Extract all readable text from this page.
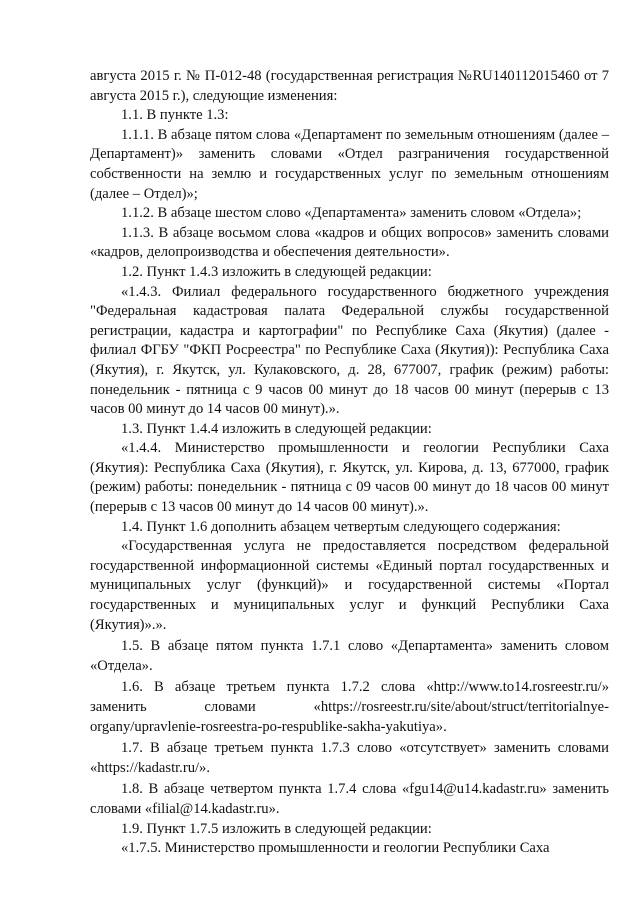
августа 2015 г. № П-012-48 (государственная регистрация №RU140112015460 от 7 августа 2015 г.), следующие изменения:

1.1. В пункте 1.3:

1.1.1. В абзаце пятом слова «Департамент по земельным отношениям (далее – Департамент)» заменить словами «Отдел разграничения государственной собственности на землю и государственных услуг по земельным отношениям (далее – Отдел)»;

1.1.2. В абзаце шестом слово «Департамента» заменить словом «Отдела»;

1.1.3. В абзаце восьмом слова «кадров и общих вопросов» заменить словами «кадров, делопроизводства и обеспечения деятельности».

1.2. Пункт 1.4.3 изложить в следующей редакции:

«1.4.3. Филиал федерального государственного бюджетного учреждения "Федеральная кадастровая палата Федеральной службы государственной регистрации, кадастра и картографии" по Республике Саха (Якутия) (далее - филиал ФГБУ "ФКП Росреестра" по Республике Саха (Якутия)): Республика Саха (Якутия), г. Якутск, ул. Кулаковского, д. 28, 677007, график (режим) работы: понедельник - пятница с 9 часов 00 минут до 18 часов 00 минут (перерыв с 13 часов 00 минут до 14 часов 00 минут).».

1.3. Пункт 1.4.4 изложить в следующей редакции:

«1.4.4. Министерство промышленности и геологии Республики Саха (Якутия): Республика Саха (Якутия), г. Якутск, ул. Кирова, д. 13, 677000, график (режим) работы: понедельник - пятница с 09 часов 00 минут до 18 часов 00 минут (перерыв с 13 часов 00 минут до 14 часов 00 минут).».

1.4. Пункт 1.6 дополнить абзацем четвертым следующего содержания:

«Государственная услуга не предоставляется посредством федеральной государственной информационной системы «Единый портал государственных и муниципальных услуг (функций)» и государственной системы «Портал государственных и муниципальных услуг и функций Республики Саха (Якутия)».».

1.5. В абзаце пятом пункта 1.7.1 слово «Департамента» заменить словом «Отдела».

1.6. В абзаце третьем пункта 1.7.2 слова «http://www.to14.rosreestr.ru/» заменить словами «https://rosreestr.ru/site/about/struct/territorialnye-organy/upravlenie-rosreestra-po-respublike-sakha-yakutiya».

1.7. В абзаце третьем пункта 1.7.3 слово «отсутствует» заменить словами «https://kadastr.ru/».

1.8. В абзаце четвертом пункта 1.7.4 слова «fgu14@u14.kadastr.ru» заменить словами «filial@14.kadastr.ru».

1.9. Пункт 1.7.5 изложить в следующей редакции:

«1.7.5. Министерство промышленности и геологии Республики Саха
